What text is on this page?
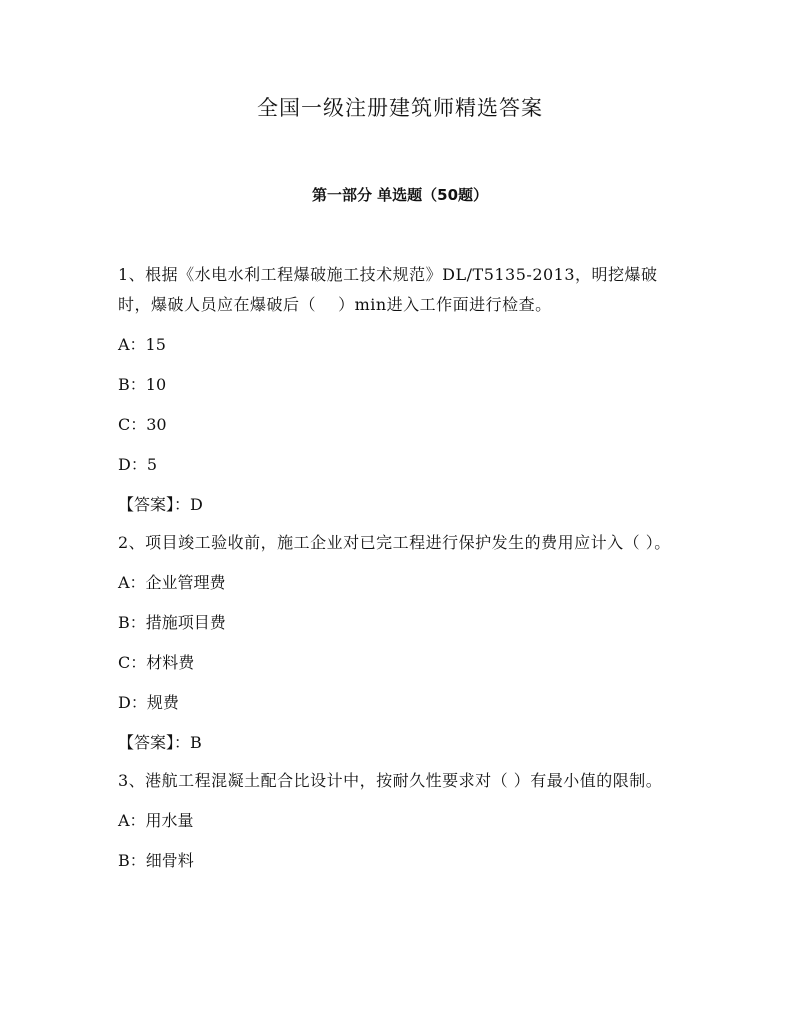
全国一级注册建筑师精选答案
第一部分 单选题（50题）
1、根据《水电水利工程爆破施工技术规范》DL/T5135-2013，明挖爆破时，爆破人员应在爆破后（　 ）min进入工作面进行检查。
A：15
B：10
C：30
D：5
【答案】：D
2、项目竣工验收前，施工企业对已完工程进行保护发生的费用应计入（ ）。
A：企业管理费
B：措施项目费
C：材料费
D：规费
【答案】：B
3、港航工程混凝土配合比设计中，按耐久性要求对（ ）有最小值的限制。
A：用水量
B：细骨料
